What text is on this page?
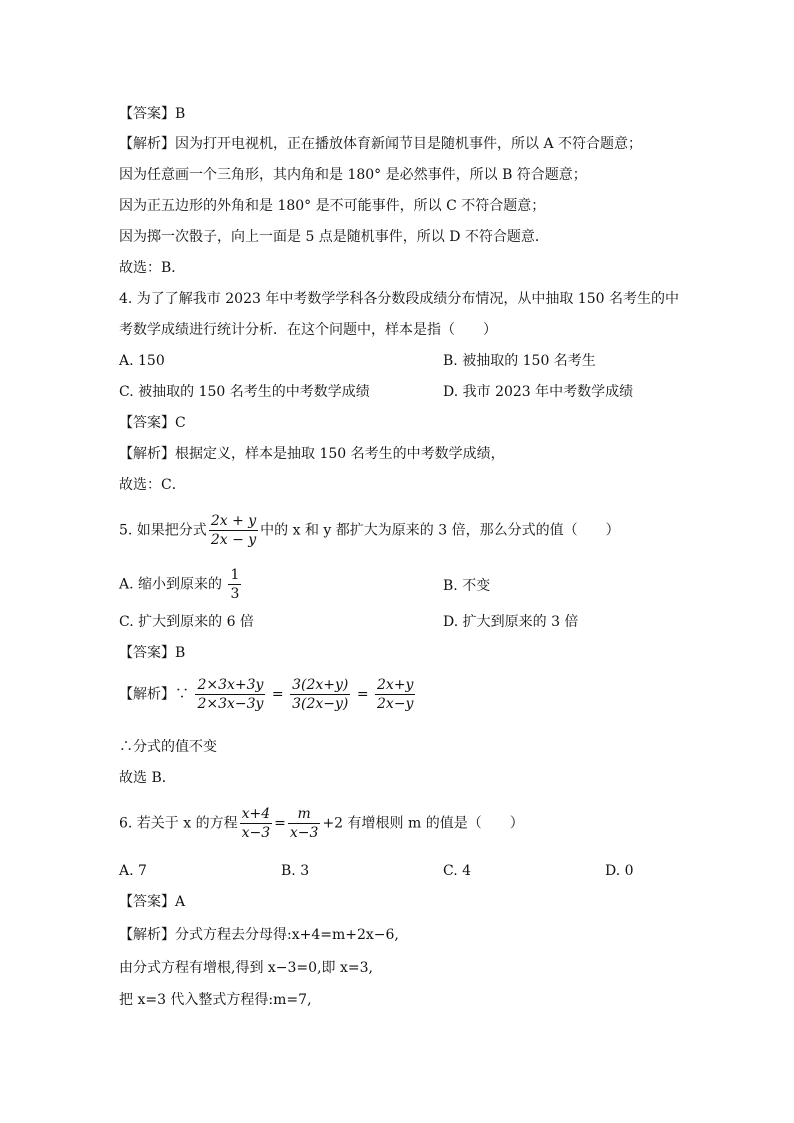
【答案】B
【解析】因为打开电视机，正在播放体育新闻节目是随机事件，所以 A 不符合题意；
因为任意画一个三角形，其内角和是 180° 是必然事件，所以 B 符合题意；
因为正五边形的外角和是 180° 是不可能事件，所以 C 不符合题意；
因为掷一次骰子，向上一面是 5 点是随机事件，所以 D 不符合题意．
故选：B．
4. 为了了解我市 2023 年中考数学学科各分数段成绩分布情况，从中抽取 150 名考生的中
考数学成绩进行统计分析．在这个问题中，样本是指（　　）
A. 150	B. 被抽取的 150 名考生
C. 被抽取的 150 名考生的中考数学成绩	D. 我市 2023 年中考数学成绩
【答案】C
【解析】根据定义，样本是抽取 150 名考生的中考数学成绩，
故选：C．
5. 如果把分式 $\frac{2x + y}{2x - y}$ 中的 x 和 y 都扩大为原来的 3 倍，那么分式的值（　　）
A. 缩小到原来的 $\frac{1}{3}$	B. 不变
C. 扩大到原来的 6 倍	D. 扩大到原来的 3 倍
【答案】B
【解析】∵ $\frac{2\times 3x+3y}{2\times 3x-3y} = \frac{3(2x+y)}{3(2x-y)} = \frac{2x+y}{2x-y}$
∴分式的值不变
故选 B．
6. 若关于 x 的方程 $\frac{x+4}{x-3} = \frac{m}{x-3} +2$ 有增根则 m 的值是（　　）
A. 7	B. 3	C. 4	D. 0
【答案】A
【解析】分式方程去分母得:x+4=m+2x−6,
由分式方程有增根,得到 x−3=0,即 x=3,
把 x=3 代入整式方程得:m=7,
